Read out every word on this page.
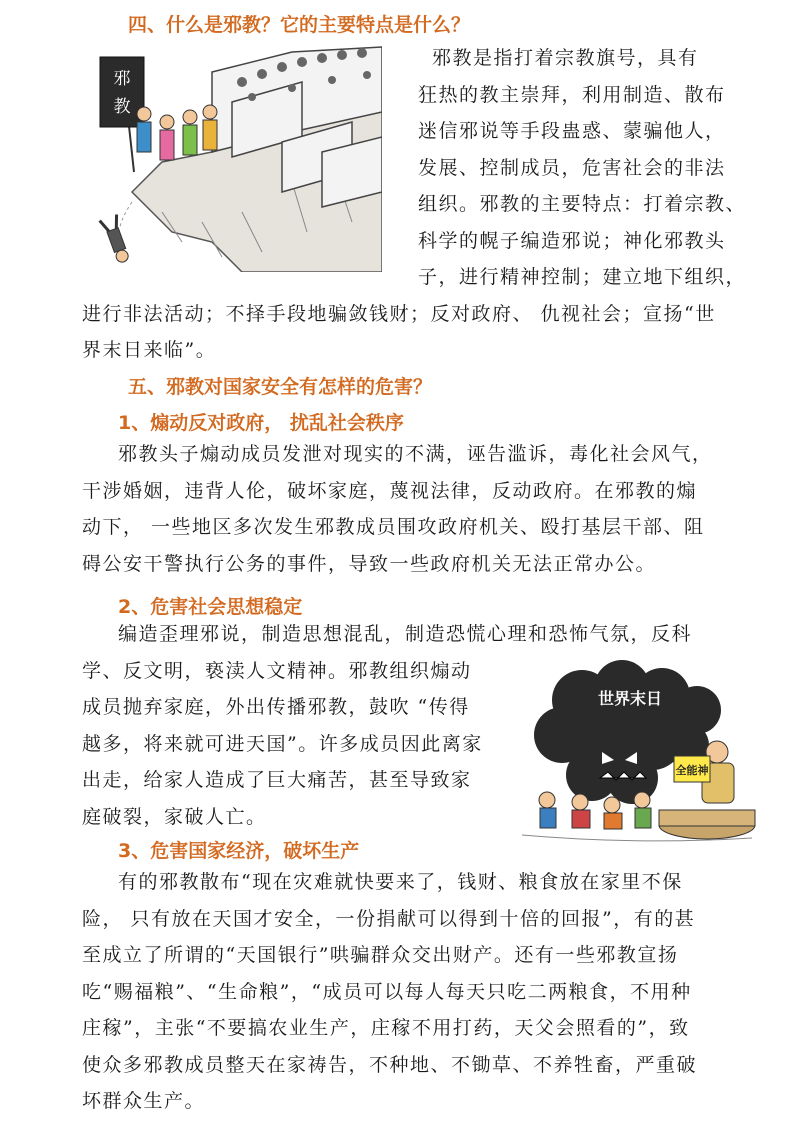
四、什么是邪教？它的主要特点是什么？
邪
教
邪教是指打着宗教旗号，具有
狂热的教主崇拜，利用制造、散布
迷信邪说等手段蛊惑、蒙骗他人，
发展、控制成员，危害社会的非法
组织。邪教的主要特点：打着宗教、
科学的幌子编造邪说；神化邪教头
子，进行精神控制；建立地下组织，
进行非法活动；不择手段地骗敛钱财；反对政府、 仇视社会；宣扬“世
界末日来临”。
五、邪教对国家安全有怎样的危害？
1、煽动反对政府， 扰乱社会秩序
邪教头子煽动成员发泄对现实的不满，诬告滥诉，毒化社会风气，
干涉婚姻，违背人伦，破坏家庭，蔑视法律，反动政府。在邪教的煽
动下， 一些地区多次发生邪教成员围攻政府机关、殴打基层干部、阻
碍公安干警执行公务的事件，导致一些政府机关无法正常办公。
2、危害社会思想稳定
世界末日
全能神
编造歪理邪说，制造思想混乱，制造恐慌心理和恐怖气氛，反科
学、反文明，亵渎人文精神。邪教组织煽动
成员抛弃家庭，外出传播邪教，鼓吹 “传得
越多，将来就可进天国”。许多成员因此离家
出走，给家人造成了巨大痛苦，甚至导致家
庭破裂，家破人亡。
3、危害国家经济，破坏生产
有的邪教散布“现在灾难就快要来了，钱财、粮食放在家里不保
险， 只有放在天国才安全，一份捐献可以得到十倍的回报”，有的甚
至成立了所谓的“天国银行”哄骗群众交出财产。还有一些邪教宣扬
吃“赐福粮”、“生命粮”，“成员可以每人每天只吃二两粮食，不用种
庄稼”，主张“不要搞农业生产，庄稼不用打药，天父会照看的”，致
使众多邪教成员整天在家祷告，不种地、不锄草、不养牲畜，严重破
坏群众生产。
